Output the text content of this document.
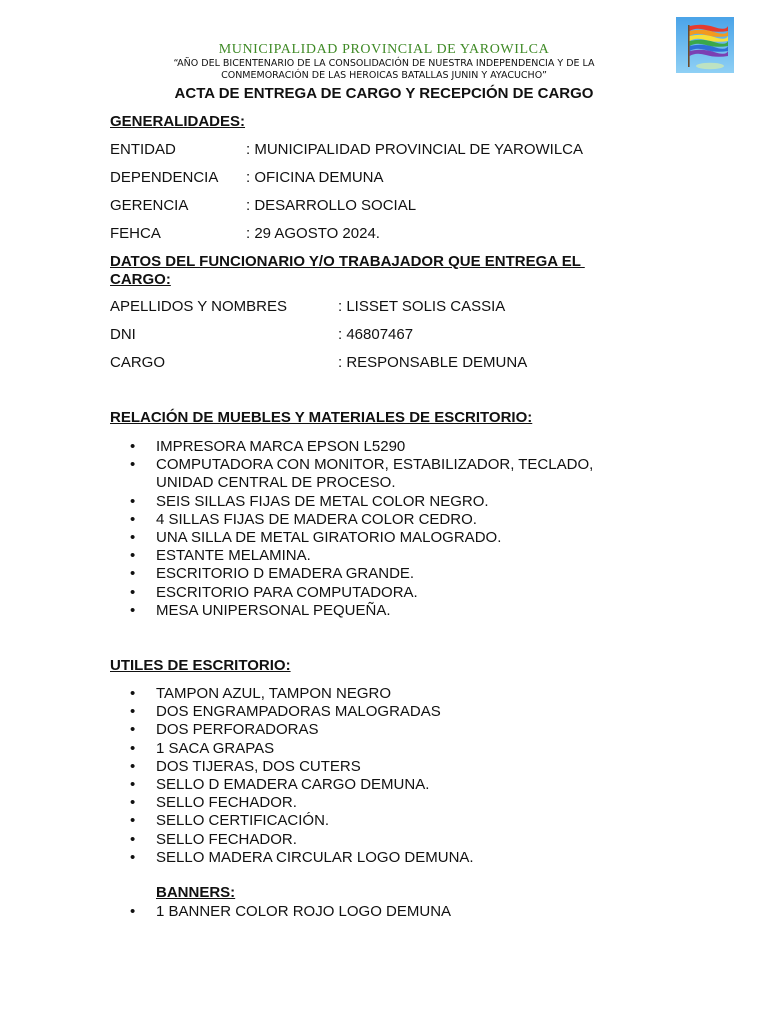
MUNICIPALIDAD PROVINCIAL DE YAROWILCA
“AÑO DEL BICENTENARIO DE LA CONSOLIDACIÓN DE NUESTRA INDEPENDENCIA Y DE LA
CONMEMORACIÓN DE LAS HEROICAS BATALLAS JUNIN Y AYACUCHO”
ACTA DE ENTREGA DE CARGO Y RECEPCIÓN DE CARGO
GENERALIDADES:
ENTIDAD	: MUNICIPALIDAD PROVINCIAL DE YAROWILCA
DEPENDENCIA : OFICINA DEMUNA
GERENCIA	: DESARROLLO SOCIAL
FEHCA	: 29 AGOSTO 2024.
DATOS DEL FUNCIONARIO Y/O TRABAJADOR QUE ENTREGA EL
CARGO:
APELLIDOS Y NOMBRES	: LISSET SOLIS CASSIA
DNI	: 46807467
CARGO	: RESPONSABLE DEMUNA
RELACIÓN DE MUEBLES Y MATERIALES DE ESCRITORIO:
• IMPRESORA MARCA EPSON L5290
• COMPUTADORA CON MONITOR, ESTABILIZADOR, TECLADO, UNIDAD CENTRAL DE PROCESO.
• SEIS SILLAS FIJAS DE METAL COLOR NEGRO.
• 4 SILLAS FIJAS DE MADERA COLOR CEDRO.
• UNA SILLA DE METAL GIRATORIO MALOGRADO.
• ESTANTE MELAMINA.
• ESCRITORIO D EMADERA GRANDE.
• ESCRITORIO PARA COMPUTADORA.
• MESA UNIPERSONAL PEQUEÑA.
UTILES DE ESCRITORIO:
• TAMPON AZUL, TAMPON NEGRO
• DOS ENGRAMPADORAS MALOGRADAS
• DOS PERFORADORAS
• 1 SACA GRAPAS
• DOS TIJERAS, DOS CUTERS
• SELLO D EMADERA CARGO DEMUNA.
• SELLO FECHADOR.
• SELLO CERTIFICACIÓN.
• SELLO FECHADOR.
• SELLO MADERA CIRCULAR LOGO DEMUNA.
BANNERS:
• 1 BANNER COLOR ROJO LOGO DEMUNA
